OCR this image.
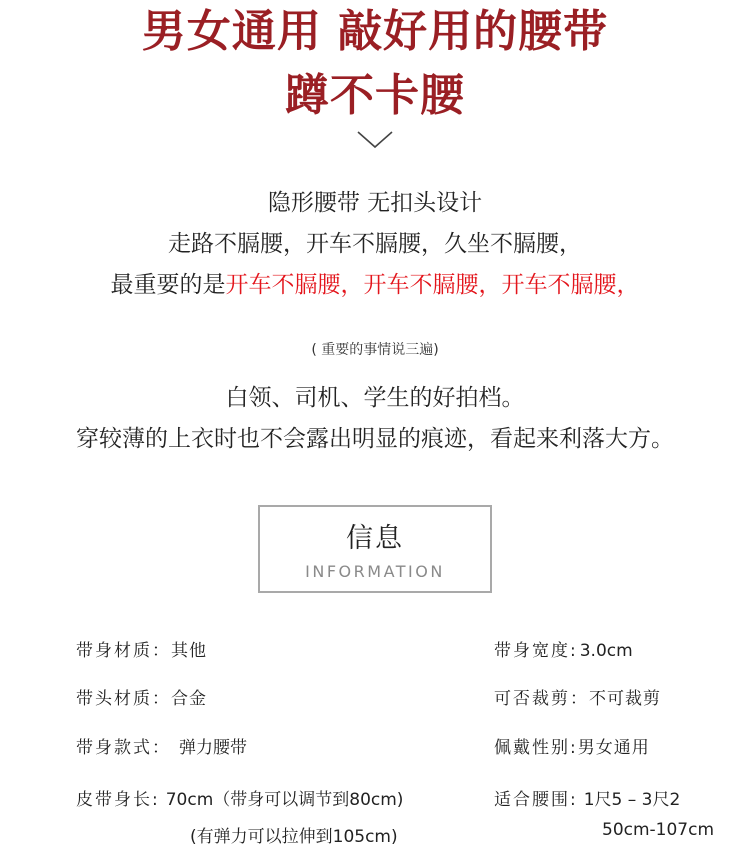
男女通用 敲好用的腰带
蹲不卡腰
隐形腰带 无扣头设计
走路不膈腰，开车不膈腰，久坐不膈腰，
最重要的是开车不膈腰，开车不膈腰，开车不膈腰，
( 重要的事情说三遍)
白领、司机、学生的好拍档。
穿较薄的上衣时也不会露出明显的痕迹，看起来利落大方。
信息
INFORMATION
带身材质：其他
带头材质：合金
带身款式： 弹力腰带
皮带身长: 70cm（带身可以调节到80cm)
(有弹力可以拉伸到105cm)
带身宽度: 3.0cm
可否裁剪：不可裁剪
佩戴性别:男女通用
适合腰围: 1尺5 – 3尺2
50cm-107cm
